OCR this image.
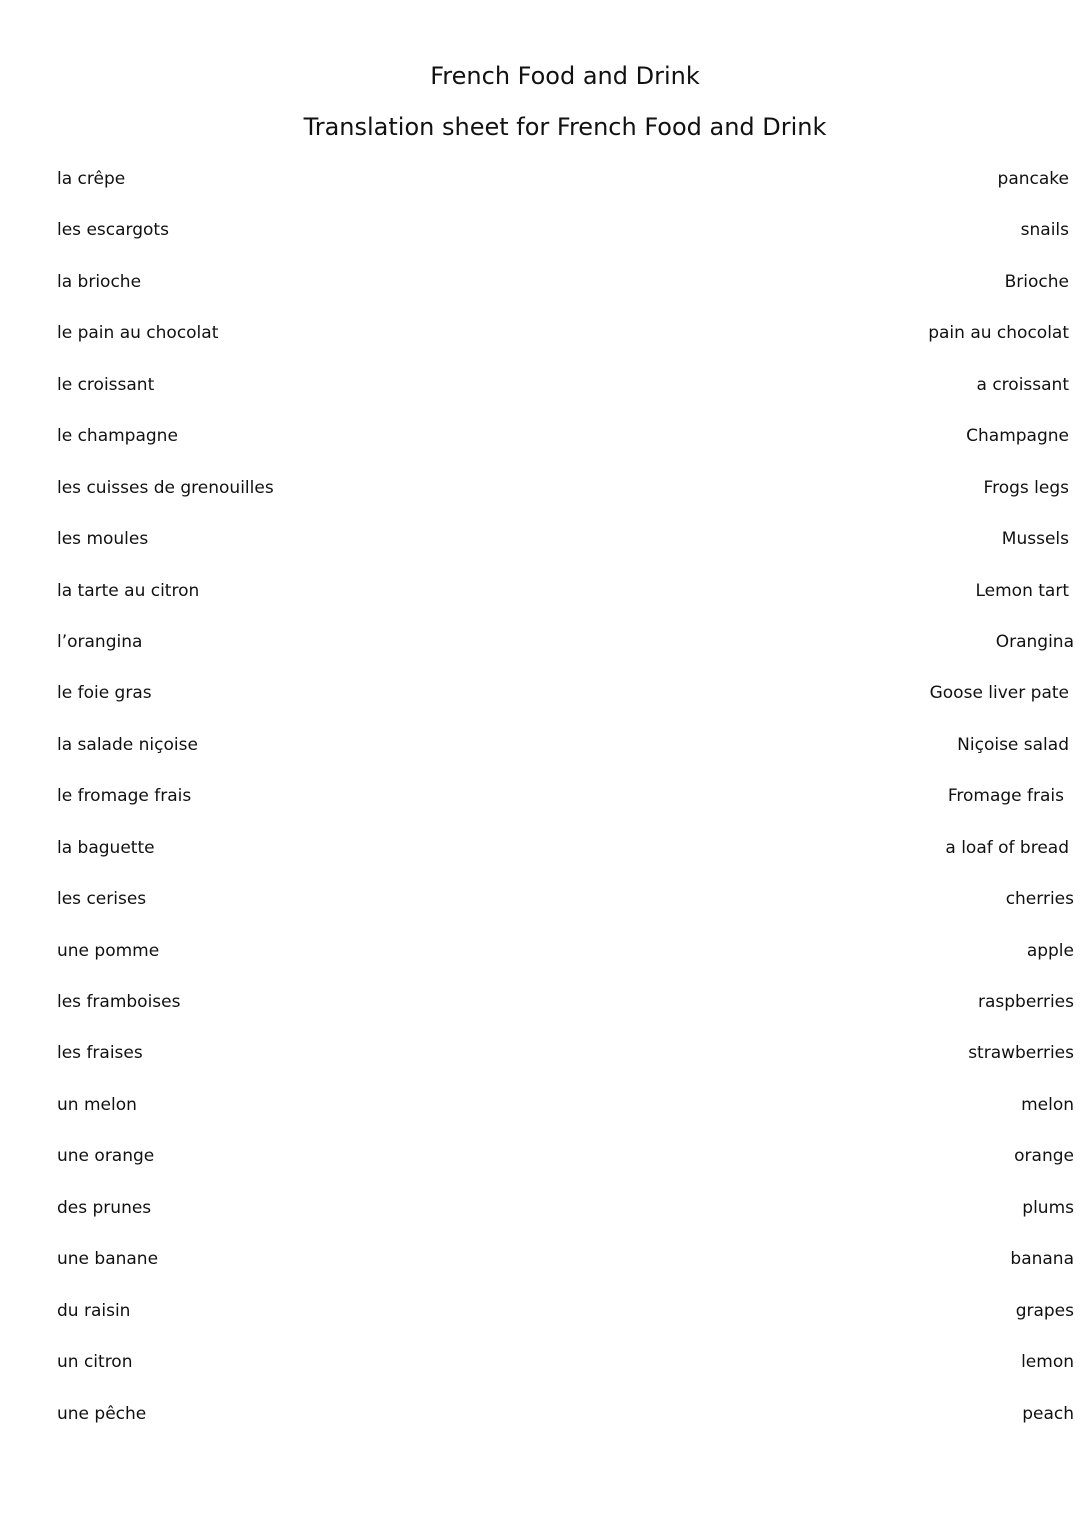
French Food and Drink
Translation sheet for French Food and Drink
la crêpe	pancake
les escargots	snails
la brioche	Brioche
le pain au chocolat	pain au chocolat
le croissant	a croissant
le champagne	Champagne
les cuisses de grenouilles	Frogs legs
les moules	Mussels
la tarte au citron	Lemon tart
l’orangina	Orangina
le foie gras	Goose liver pate
la salade niçoise	Niçoise salad
le fromage frais	Fromage frais
la baguette	a loaf of bread
les cerises	cherries
une pomme	apple
les framboises	raspberries
les fraises	strawberries
un melon	melon
une orange	orange
des prunes	plums
une banane	banana
du raisin	grapes
un citron	lemon
une pêche	peach
